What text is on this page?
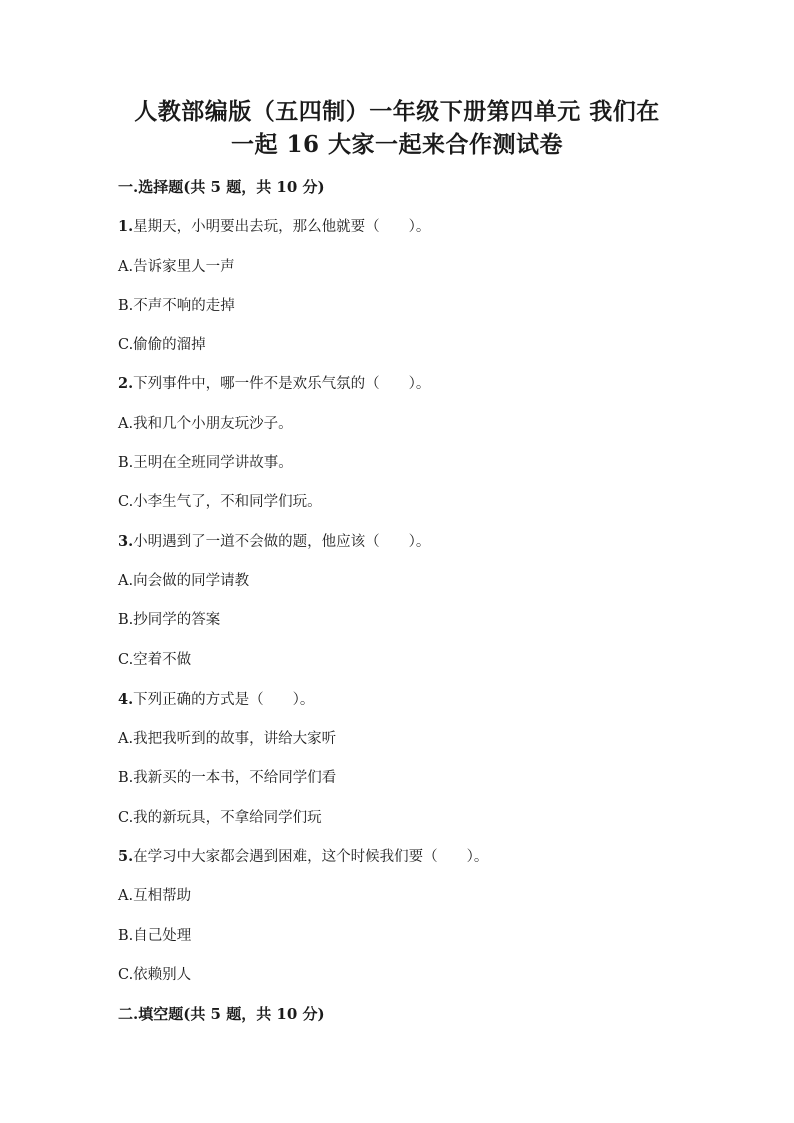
人教部编版（五四制）一年级下册第四单元 我们在
一起 16 大家一起来合作测试卷
一.选择题(共 5 题，共 10 分)
1.星期天，小明要出去玩，那么他就要（　　）。
A.告诉家里人一声
B.不声不响的走掉
C.偷偷的溜掉
2.下列事件中，哪一件不是欢乐气氛的（　　）。
A.我和几个小朋友玩沙子。
B.王明在全班同学讲故事。
C.小李生气了，不和同学们玩。
3.小明遇到了一道不会做的题，他应该（　　）。
A.向会做的同学请教
B.抄同学的答案
C.空着不做
4.下列正确的方式是（　　）。
A.我把我听到的故事，讲给大家听
B.我新买的一本书，不给同学们看
C.我的新玩具，不拿给同学们玩
5.在学习中大家都会遇到困难，这个时候我们要（　　）。
A.互相帮助
B.自己处理
C.依赖别人
二.填空题(共 5 题，共 10 分)
